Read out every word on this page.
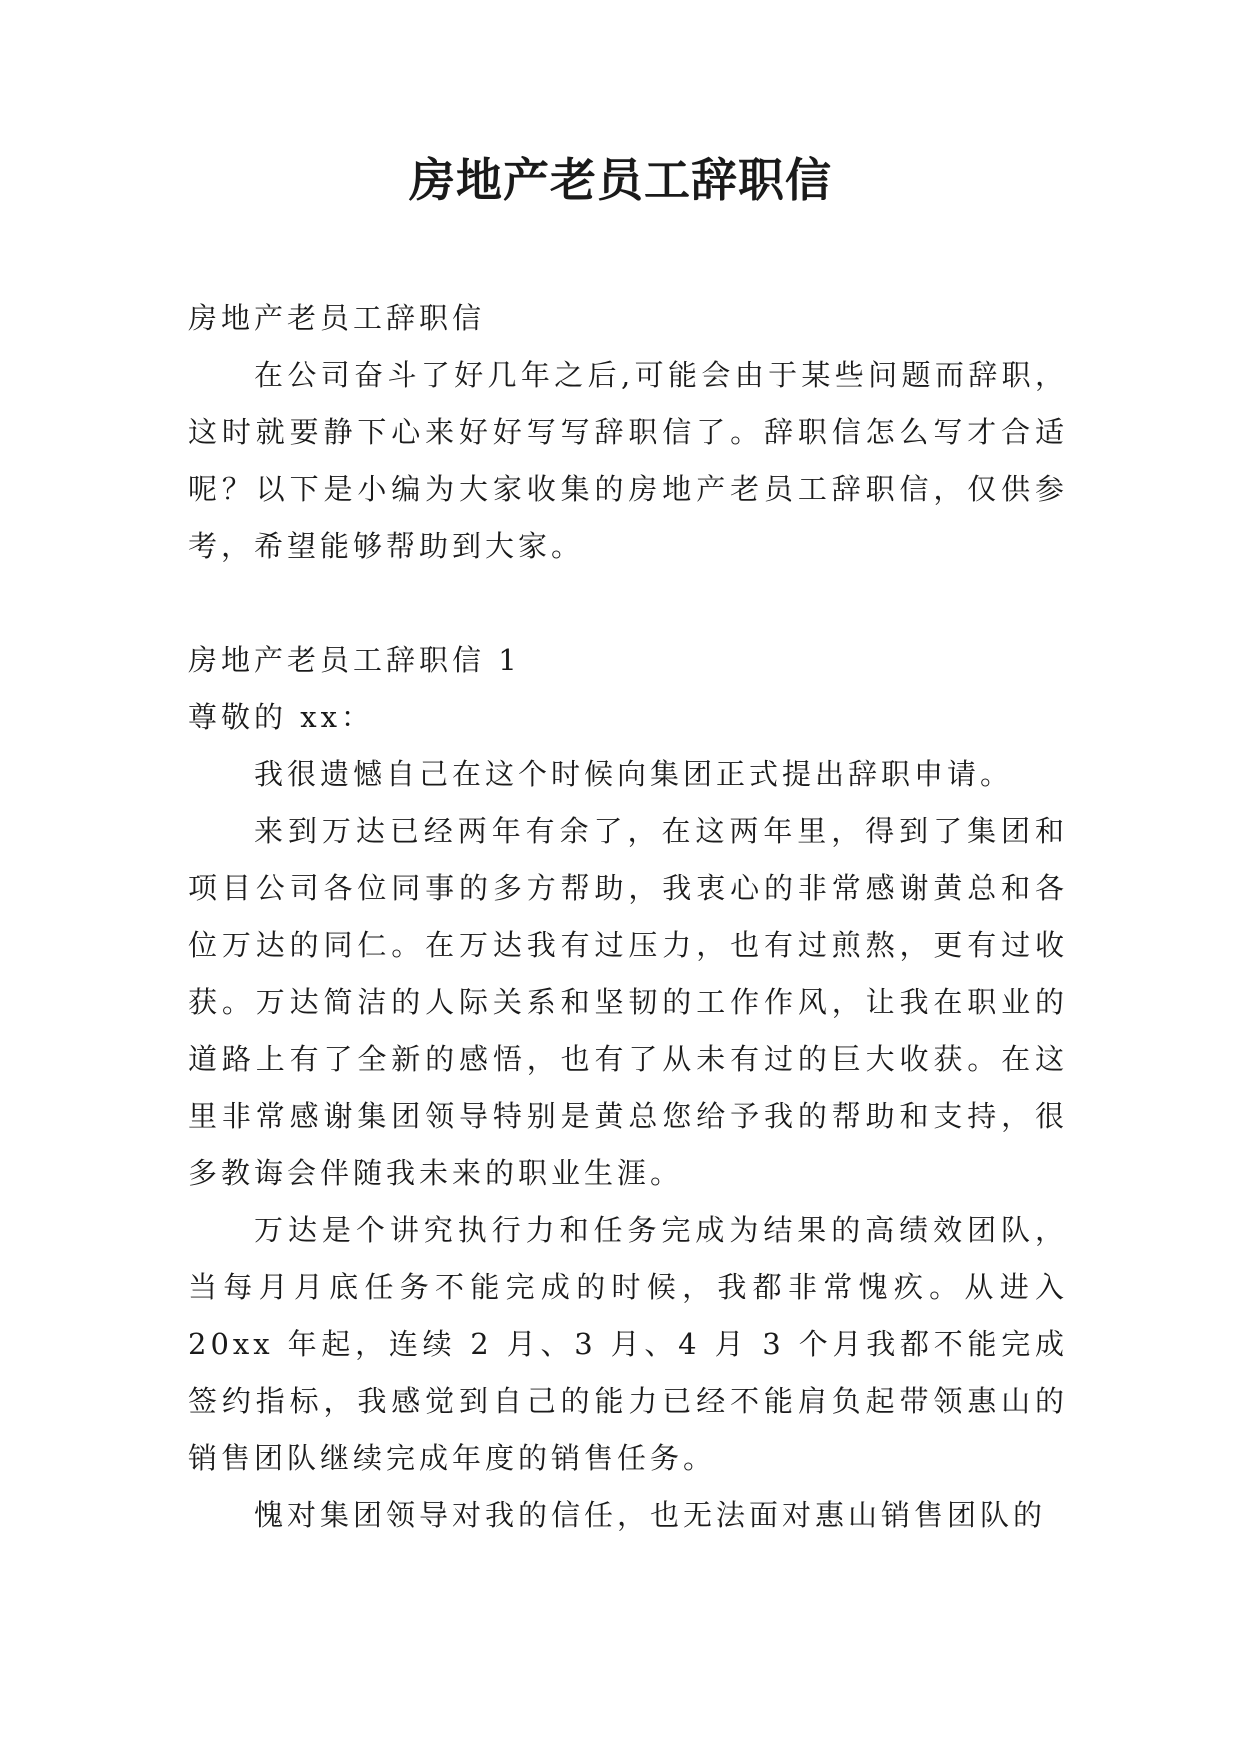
房地产老员工辞职信

房地产老员工辞职信

在公司奋斗了好几年之后,可能会由于某些问题而辞职，这时就要静下心来好好写写辞职信了。辞职信怎么写才合适呢？以下是小编为大家收集的房地产老员工辞职信，仅供参考，希望能够帮助到大家。

房地产老员工辞职信 1

尊敬的 xx：

我很遗憾自己在这个时候向集团正式提出辞职申请。

来到万达已经两年有余了，在这两年里，得到了集团和项目公司各位同事的多方帮助，我衷心的非常感谢黄总和各位万达的同仁。在万达我有过压力，也有过煎熬，更有过收获。万达简洁的人际关系和坚韧的工作作风，让我在职业的道路上有了全新的感悟，也有了从未有过的巨大收获。在这里非常感谢集团领导特别是黄总您给予我的帮助和支持，很多教诲会伴随我未来的职业生涯。

万达是个讲究执行力和任务完成为结果的高绩效团队，当每月月底任务不能完成的时候，我都非常愧疚。从进入 20xx 年起，连续 2 月、3 月、4 月 3 个月我都不能完成签约指标，我感觉到自己的能力已经不能肩负起带领惠山的销售团队继续完成年度的销售任务。

愧对集团领导对我的信任，也无法面对惠山销售团队的
